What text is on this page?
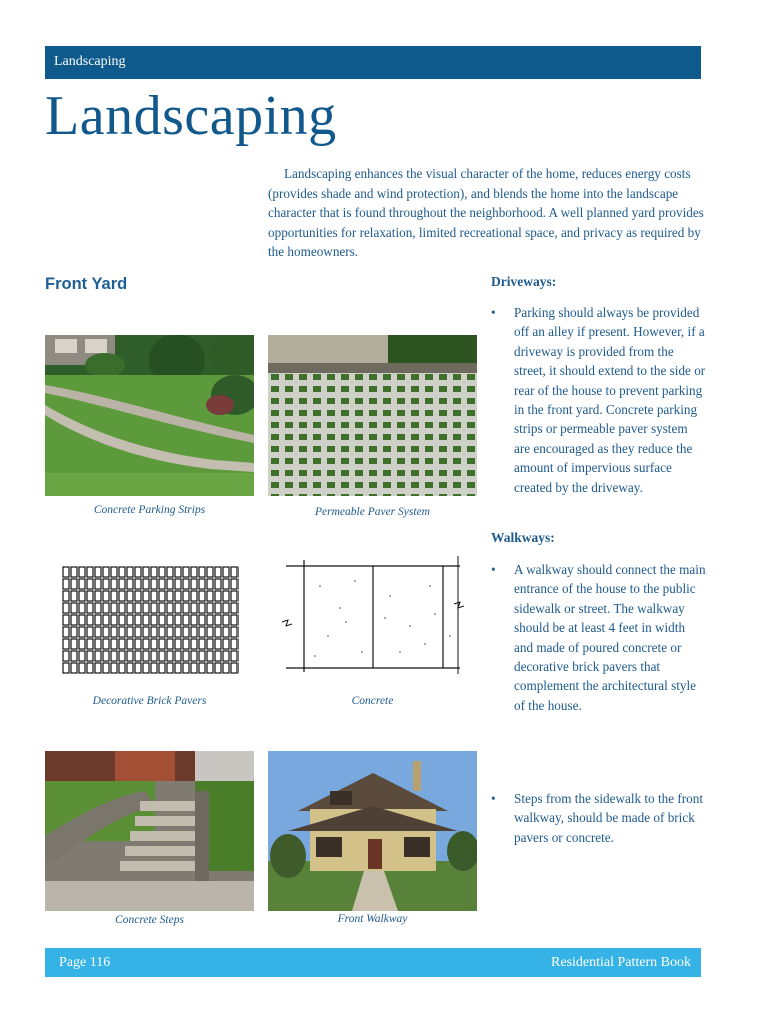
Landscaping
Landscaping

Landscaping enhances the visual character of the home, reduces energy costs (provides shade and wind protection), and blends the home into the landscape character that is found throughout the neighborhood. A well planned yard provides opportunities for relaxation, limited recreational space, and privacy as required by the homeowners.

Front Yard	Driveways:

• Parking should always be provided off an alley if present. However, if a driveway is provided from the street, it should extend to the side or rear of the house to prevent parking in the front yard. Concrete parking strips or permeable paver system are encouraged as they reduce the amount of impervious surface created by the driveway.

Walkways:

• A walkway should connect the main entrance of the house to the public sidewalk or street. The walkway should be at least 4 feet in width and made of poured concrete or decorative brick pavers that complement the architectural style of the house.

• Steps from the sidewalk to the front walkway, should be made of brick pavers or concrete.

Concrete Parking Strips	Permeable Paver System
Decorative Brick Pavers	Concrete
Concrete Steps	Front Walkway
Page 116	Residential Pattern Book
